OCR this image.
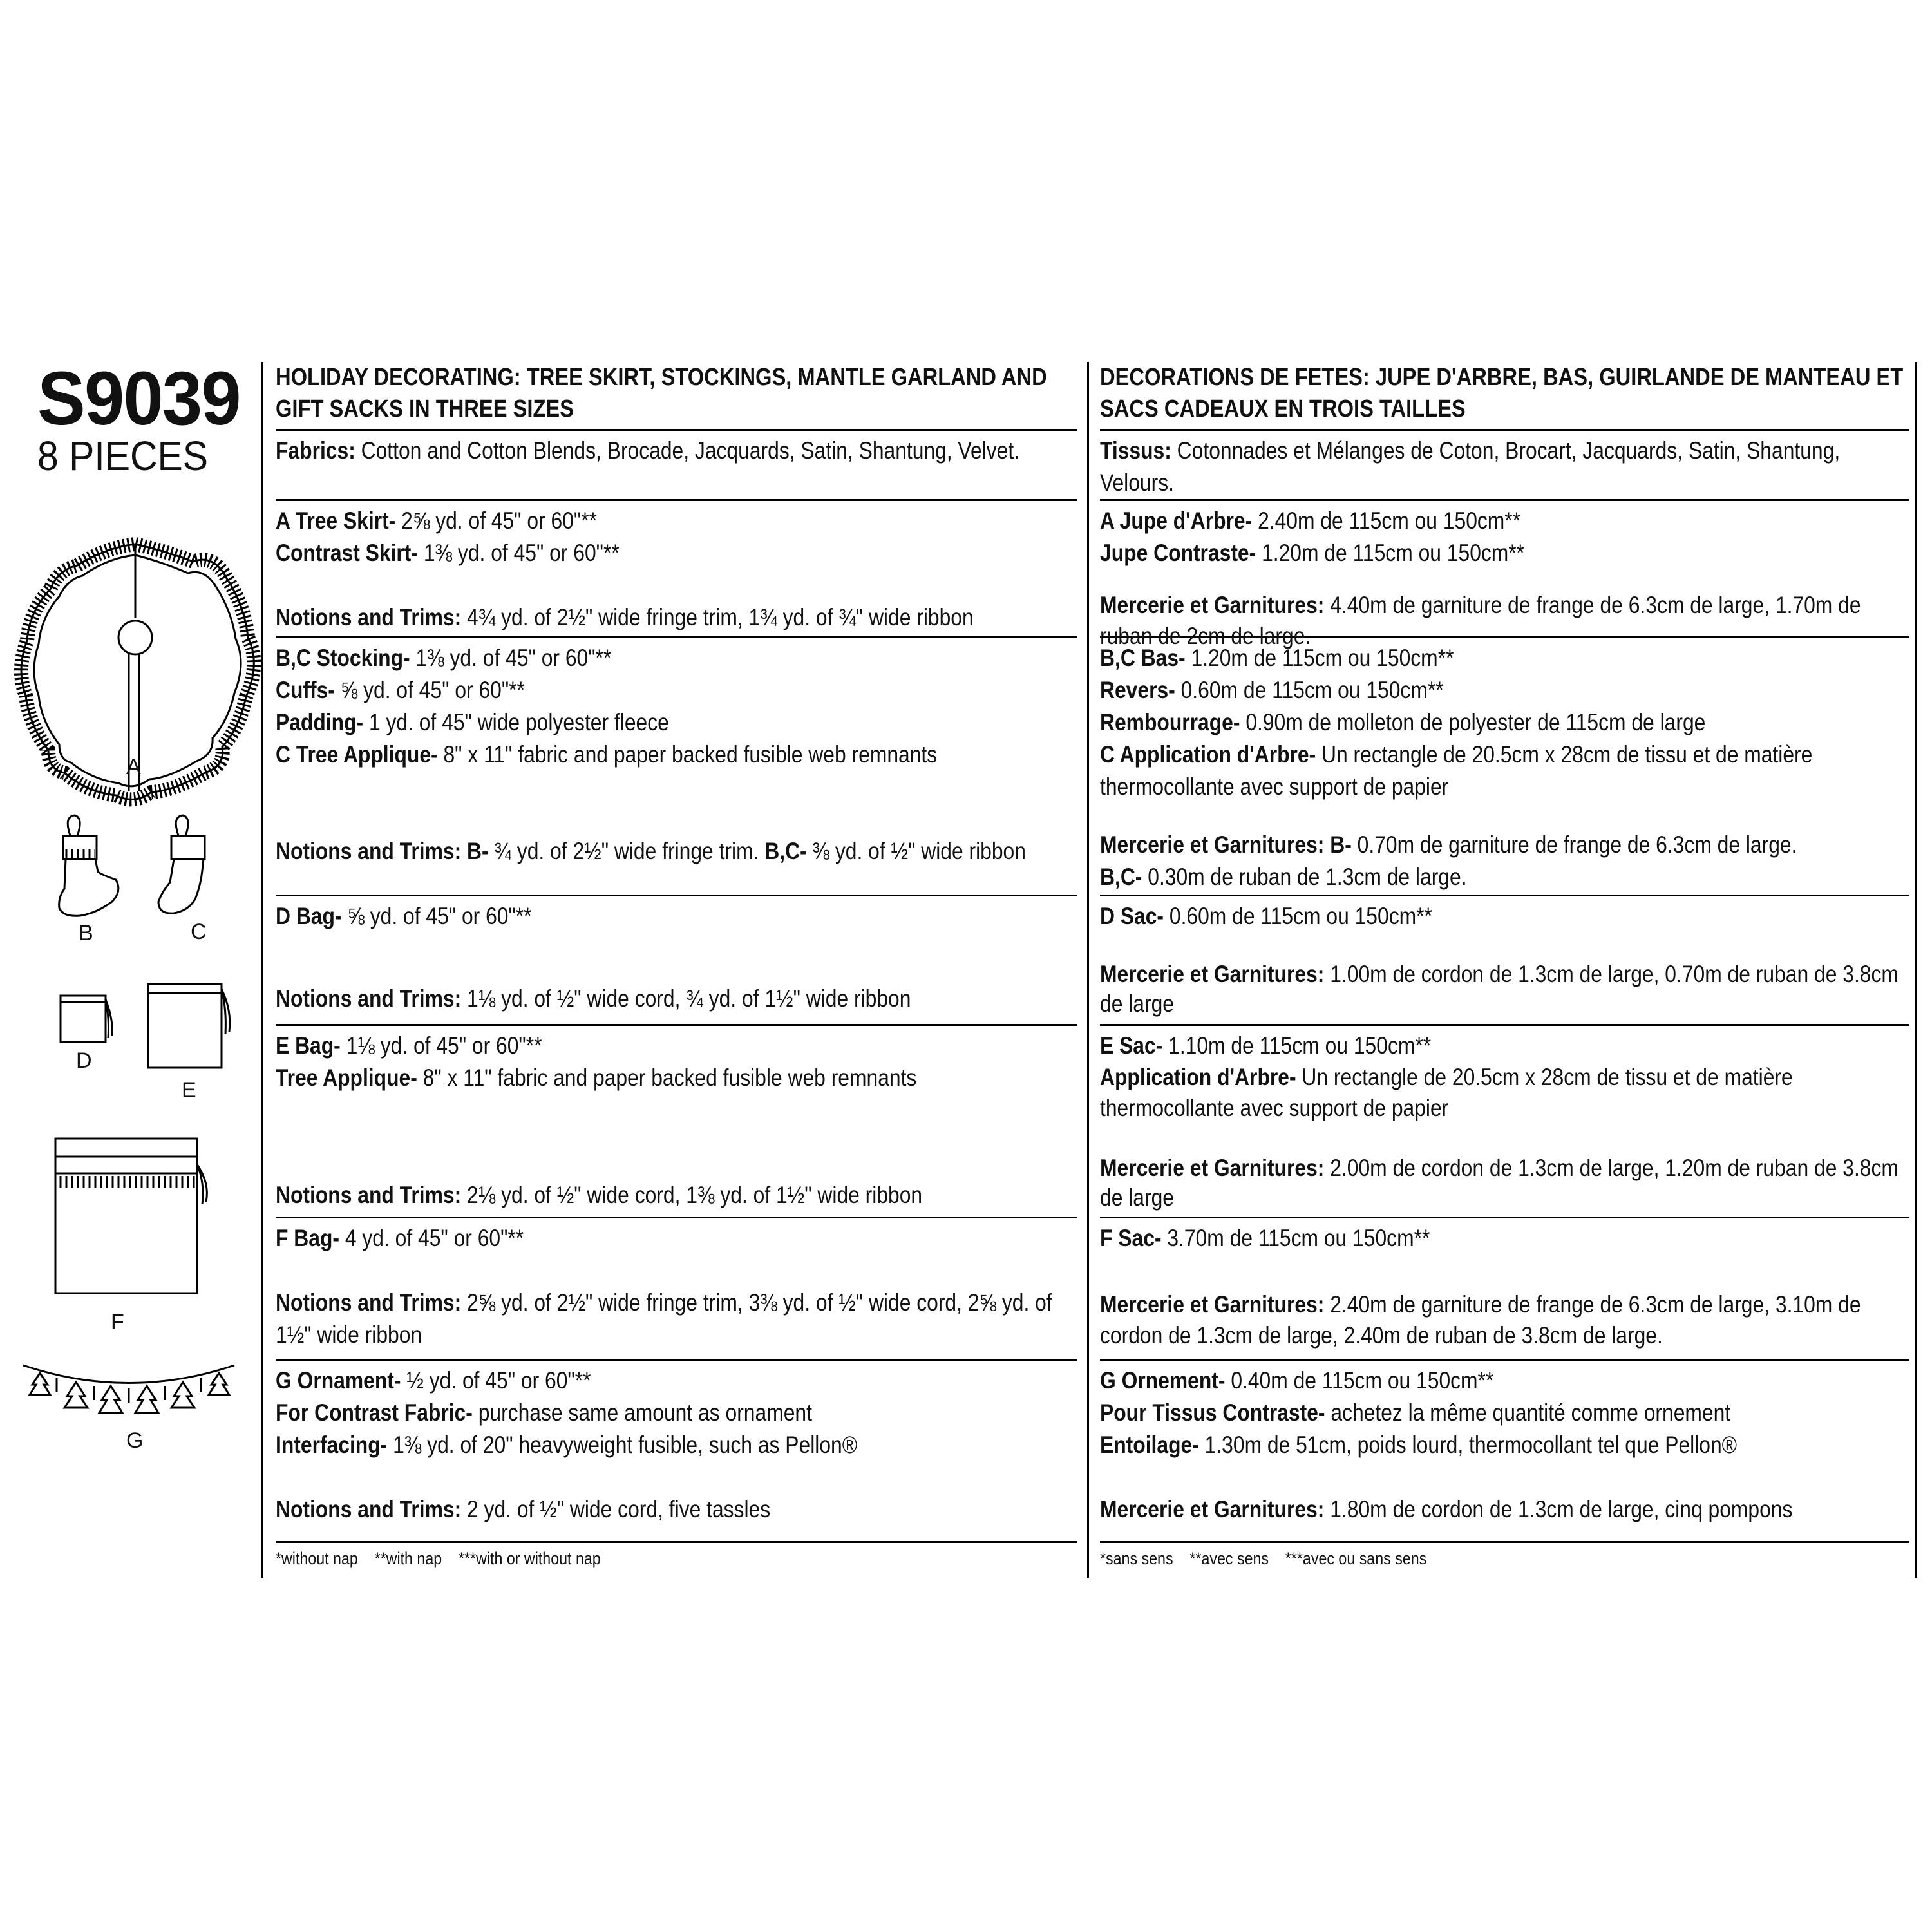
S9039
8 PIECES
A
B	C
D
E
F
G
HOLIDAY DECORATING: TREE SKIRT, STOCKINGS, MANTLE GARLAND AND GIFT SACKS IN THREE SIZES
Fabrics: Cotton and Cotton Blends, Brocade, Jacquards, Satin, Shantung, Velvet.
A Tree Skirt- 2⅝ yd. of 45" or 60"**
Contrast Skirt- 1⅜ yd. of 45" or 60"**
Notions and Trims: 4¾ yd. of 2½" wide fringe trim, 1¾ yd. of ¾" wide ribbon
B,C Stocking- 1⅜ yd. of 45" or 60"**
Cuffs- ⅝ yd. of 45" or 60"**
Padding- 1 yd. of 45" wide polyester fleece
C Tree Applique- 8" x 11" fabric and paper backed fusible web remnants
Notions and Trims: B- ¾ yd. of 2½" wide fringe trim. B,C- ⅜ yd. of ½" wide ribbon
D Bag- ⅝ yd. of 45" or 60"**
Notions and Trims: 1⅛ yd. of ½" wide cord, ¾ yd. of 1½" wide ribbon
E Bag- 1⅛ yd. of 45" or 60"**
Tree Applique- 8" x 11" fabric and paper backed fusible web remnants
Notions and Trims: 2⅛ yd. of ½" wide cord, 1⅜ yd. of 1½" wide ribbon
F Bag- 4 yd. of 45" or 60"**
Notions and Trims: 2⅝ yd. of 2½" wide fringe trim, 3⅜ yd. of ½" wide cord, 2⅝ yd. of 1½" wide ribbon
G Ornament- ½ yd. of 45" or 60"**
For Contrast Fabric- purchase same amount as ornament
Interfacing- 1⅜ yd. of 20" heavyweight fusible, such as Pellon®
Notions and Trims: 2 yd. of ½" wide cord, five tassles
*without nap    **with nap    ***with or without nap
DECORATIONS DE FETES: JUPE D'ARBRE, BAS, GUIRLANDE DE MANTEAU ET SACS CADEAUX EN TROIS TAILLES
Tissus: Cotonnades et Mélanges de Coton, Brocart, Jacquards, Satin, Shantung, Velours.
A Jupe d'Arbre- 2.40m de 115cm ou 150cm**
Jupe Contraste- 1.20m de 115cm ou 150cm**
Mercerie et Garnitures: 4.40m de garniture de frange de 6.3cm de large, 1.70m de ruban de 2cm de large.
B,C Bas- 1.20m de 115cm ou 150cm**
Revers- 0.60m de 115cm ou 150cm**
Rembourrage- 0.90m de molleton de polyester de 115cm de large
C Application d'Arbre- Un rectangle de 20.5cm x 28cm de tissu et de matière thermocollante avec support de papier
Mercerie et Garnitures: B- 0.70m de garniture de frange de 6.3cm de large.
B,C- 0.30m de ruban de 1.3cm de large.
D Sac- 0.60m de 115cm ou 150cm**
Mercerie et Garnitures: 1.00m de cordon de 1.3cm de large, 0.70m de ruban de 3.8cm de large
E Sac- 1.10m de 115cm ou 150cm**
Application d'Arbre- Un rectangle de 20.5cm x 28cm de tissu et de matière thermocollante avec support de papier
Mercerie et Garnitures: 2.00m de cordon de 1.3cm de large, 1.20m de ruban de 3.8cm de large
F Sac- 3.70m de 115cm ou 150cm**
Mercerie et Garnitures: 2.40m de garniture de frange de 6.3cm de large, 3.10m de cordon de 1.3cm de large, 2.40m de ruban de 3.8cm de large.
G Ornement- 0.40m de 115cm ou 150cm**
Pour Tissus Contraste- achetez la même quantité comme ornement
Entoilage- 1.30m de 51cm, poids lourd, thermocollant tel que Pellon®
Mercerie et Garnitures: 1.80m de cordon de 1.3cm de large, cinq pompons
*sans sens    **avec sens    ***avec ou sans sens
